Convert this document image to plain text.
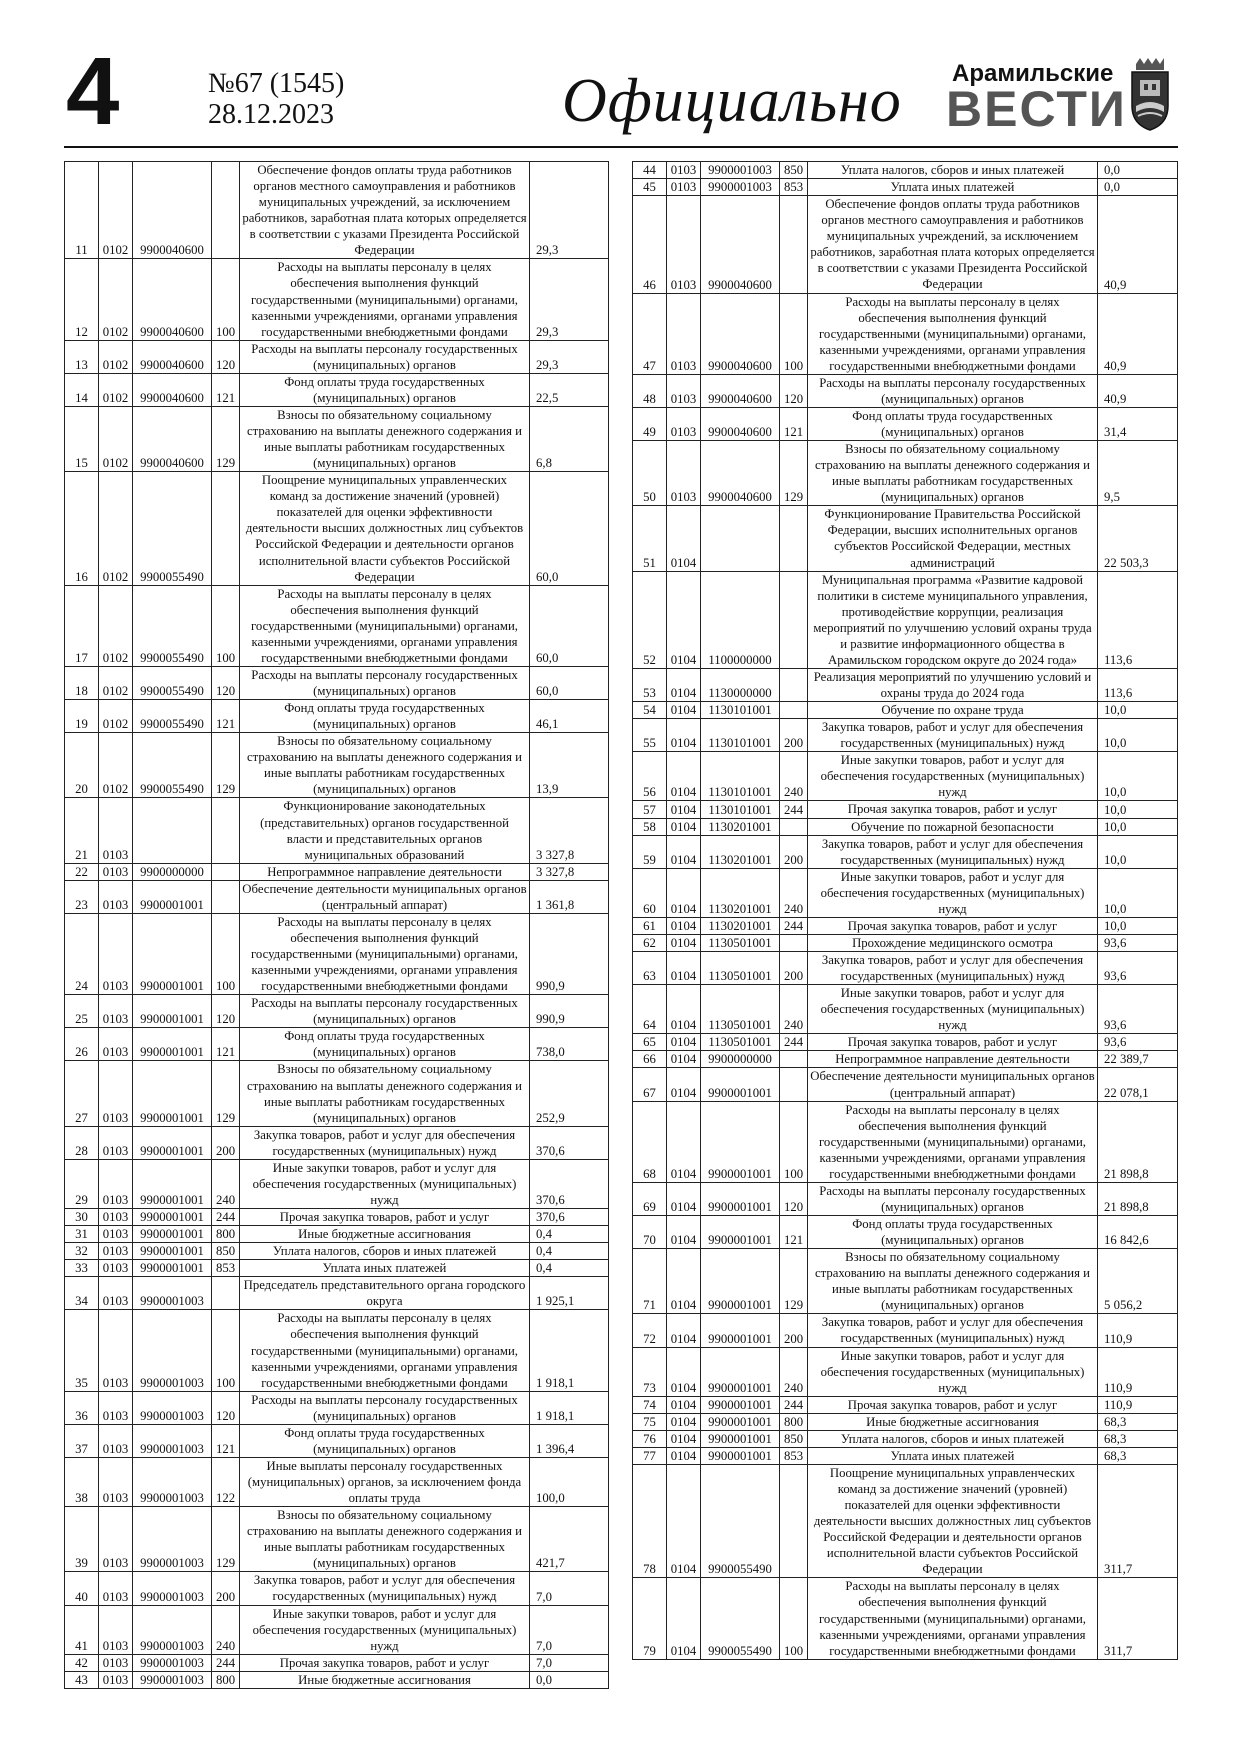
4	№67 (1545)
28.12.2023	Официально Арамильские
ВЕСТИ
11	0102	9900040600		Обеспечение фондов оплаты труда работников органов местного самоуправления и работников муниципальных учреждений, за исключением работников, заработная плата которых определяется в соответствии с указами Президента Российской Федерации	29,3
12	0102	9900040600	100	Расходы на выплаты персоналу в целях обеспечения выполнения функций государственными (муниципальными) органами, казенными учреждениями, органами управления государственными внебюджетными фондами	29,3
13	0102	9900040600	120	Расходы на выплаты персоналу государственных (муниципальных) органов	29,3
14	0102	9900040600	121	Фонд оплаты труда государственных (муниципальных) органов	22,5
15	0102	9900040600	129	Взносы по обязательному социальному страхованию на выплаты денежного содержания и иные выплаты работникам государственных (муниципальных) органов	6,8
16	0102	9900055490		Поощрение муниципальных управленческих команд за достижение значений (уровней) показателей для оценки эффективности деятельности высших должностных лиц субъектов Российской Федерации и деятельности органов исполнительной власти субъектов Российской Федерации	60,0
17	0102	9900055490	100	Расходы на выплаты персоналу в целях обеспечения выполнения функций государственными (муниципальными) органами, казенными учреждениями, органами управления государственными внебюджетными фондами	60,0
18	0102	9900055490	120	Расходы на выплаты персоналу государственных (муниципальных) органов	60,0
19	0102	9900055490	121	Фонд оплаты труда государственных (муниципальных) органов	46,1
20	0102	9900055490	129	Взносы по обязательному социальному страхованию на выплаты денежного содержания и иные выплаты работникам государственных (муниципальных) органов	13,9
21	0103			Функционирование законодательных (представительных) органов государственной власти и представительных органов муниципальных образований	3 327,8
22	0103	9900000000		Непрограммное направление деятельности	3 327,8
23	0103	9900001001		Обеспечение деятельности муниципальных органов (центральный аппарат)	1 361,8
24	0103	9900001001	100	Расходы на выплаты персоналу в целях обеспечения выполнения функций государственными (муниципальными) органами, казенными учреждениями, органами управления государственными внебюджетными фондами	990,9
25	0103	9900001001	120	Расходы на выплаты персоналу государственных (муниципальных) органов	990,9
26	0103	9900001001	121	Фонд оплаты труда государственных (муниципальных) органов	738,0
27	0103	9900001001	129	Взносы по обязательному социальному страхованию на выплаты денежного содержания и иные выплаты работникам государственных (муниципальных) органов	252,9
28	0103	9900001001	200	Закупка товаров, работ и услуг для обеспечения государственных (муниципальных) нужд	370,6
29	0103	9900001001	240	Иные закупки товаров, работ и услуг для обеспечения государственных (муниципальных) нужд	370,6
30	0103	9900001001	244	Прочая закупка товаров, работ и услуг	370,6
31	0103	9900001001	800	Иные бюджетные ассигнования	0,4
32	0103	9900001001	850	Уплата налогов, сборов и иных платежей	0,4
33	0103	9900001001	853	Уплата иных платежей	0,4
34	0103	9900001003		Председатель представительного органа городского округа	1 925,1
35	0103	9900001003	100	Расходы на выплаты персоналу в целях обеспечения выполнения функций государственными (муниципальными) органами, казенными учреждениями, органами управления государственными внебюджетными фондами	1 918,1
36	0103	9900001003	120	Расходы на выплаты персоналу государственных (муниципальных) органов	1 918,1
37	0103	9900001003	121	Фонд оплаты труда государственных (муниципальных) органов	1 396,4
38	0103	9900001003	122	Иные выплаты персоналу государственных (муниципальных) органов, за исключением фонда оплаты труда	100,0
39	0103	9900001003	129	Взносы по обязательному социальному страхованию на выплаты денежного содержания и иные выплаты работникам государственных (муниципальных) органов	421,7
40	0103	9900001003	200	Закупка товаров, работ и услуг для обеспечения государственных (муниципальных) нужд	7,0
41	0103	9900001003	240	Иные закупки товаров, работ и услуг для обеспечения государственных (муниципальных) нужд	7,0
42	0103	9900001003	244	Прочая закупка товаров, работ и услуг	7,0
43	0103	9900001003	800	Иные бюджетные ассигнования	0,0
44	0103	9900001003	850	Уплата налогов, сборов и иных платежей	0,0
45	0103	9900001003	853	Уплата иных платежей	0,0
46	0103	9900040600		Обеспечение фондов оплаты труда работников органов местного самоуправления и работников муниципальных учреждений, за исключением работников, заработная плата которых определяется в соответствии с указами Президента Российской Федерации	40,9
47	0103	9900040600	100	Расходы на выплаты персоналу в целях обеспечения выполнения функций государственными (муниципальными) органами, казенными учреждениями, органами управления государственными внебюджетными фондами	40,9
48	0103	9900040600	120	Расходы на выплаты персоналу государственных (муниципальных) органов	40,9
49	0103	9900040600	121	Фонд оплаты труда государственных (муниципальных) органов	31,4
50	0103	9900040600	129	Взносы по обязательному социальному страхованию на выплаты денежного содержания и иные выплаты работникам государственных (муниципальных) органов	9,5
51	0104			Функционирование Правительства Российской Федерации, высших исполнительных органов субъектов Российской Федерации, местных администраций	22 503,3
52	0104	1100000000		Муниципальная программа «Развитие кадровой политики в системе муниципального управления, противодействие коррупции, реализация мероприятий по улучшению условий охраны труда и развитие информационного общества в Арамильском городском округе до 2024 года»	113,6
53	0104	1130000000		Реализация мероприятий по улучшению условий и охраны труда до 2024 года	113,6
54	0104	1130101001		Обучение по охране труда	10,0
55	0104	1130101001	200	Закупка товаров, работ и услуг для обеспечения государственных (муниципальных) нужд	10,0
56	0104	1130101001	240	Иные закупки товаров, работ и услуг для обеспечения государственных (муниципальных) нужд	10,0
57	0104	1130101001	244	Прочая закупка товаров, работ и услуг	10,0
58	0104	1130201001		Обучение по пожарной безопасности	10,0
59	0104	1130201001	200	Закупка товаров, работ и услуг для обеспечения государственных (муниципальных) нужд	10,0
60	0104	1130201001	240	Иные закупки товаров, работ и услуг для обеспечения государственных (муниципальных) нужд	10,0
61	0104	1130201001	244	Прочая закупка товаров, работ и услуг	10,0
62	0104	1130501001		Прохождение медицинского осмотра	93,6
63	0104	1130501001	200	Закупка товаров, работ и услуг для обеспечения государственных (муниципальных) нужд	93,6
64	0104	1130501001	240	Иные закупки товаров, работ и услуг для обеспечения государственных (муниципальных) нужд	93,6
65	0104	1130501001	244	Прочая закупка товаров, работ и услуг	93,6
66	0104	9900000000		Непрограммное направление деятельности	22 389,7
67	0104	9900001001		Обеспечение деятельности муниципальных органов (центральный аппарат)	22 078,1
68	0104	9900001001	100	Расходы на выплаты персоналу в целях обеспечения выполнения функций государственными (муниципальными) органами, казенными учреждениями, органами управления государственными внебюджетными фондами	21 898,8
69	0104	9900001001	120	Расходы на выплаты персоналу государственных (муниципальных) органов	21 898,8
70	0104	9900001001	121	Фонд оплаты труда государственных (муниципальных) органов	16 842,6
71	0104	9900001001	129	Взносы по обязательному социальному страхованию на выплаты денежного содержания и иные выплаты работникам государственных (муниципальных) органов	5 056,2
72	0104	9900001001	200	Закупка товаров, работ и услуг для обеспечения государственных (муниципальных) нужд	110,9
73	0104	9900001001	240	Иные закупки товаров, работ и услуг для обеспечения государственных (муниципальных) нужд	110,9
74	0104	9900001001	244	Прочая закупка товаров, работ и услуг	110,9
75	0104	9900001001	800	Иные бюджетные ассигнования	68,3
76	0104	9900001001	850	Уплата налогов, сборов и иных платежей	68,3
77	0104	9900001001	853	Уплата иных платежей	68,3
78	0104	9900055490		Поощрение муниципальных управленческих команд за достижение значений (уровней) показателей для оценки эффективности деятельности высших должностных лиц субъектов Российской Федерации и деятельности органов исполнительной власти субъектов Российской Федерации	311,7
79	0104	9900055490	100	Расходы на выплаты персоналу в целях обеспечения выполнения функций государственными (муниципальными) органами, казенными учреждениями, органами управления государственными внебюджетными фондами	311,7
